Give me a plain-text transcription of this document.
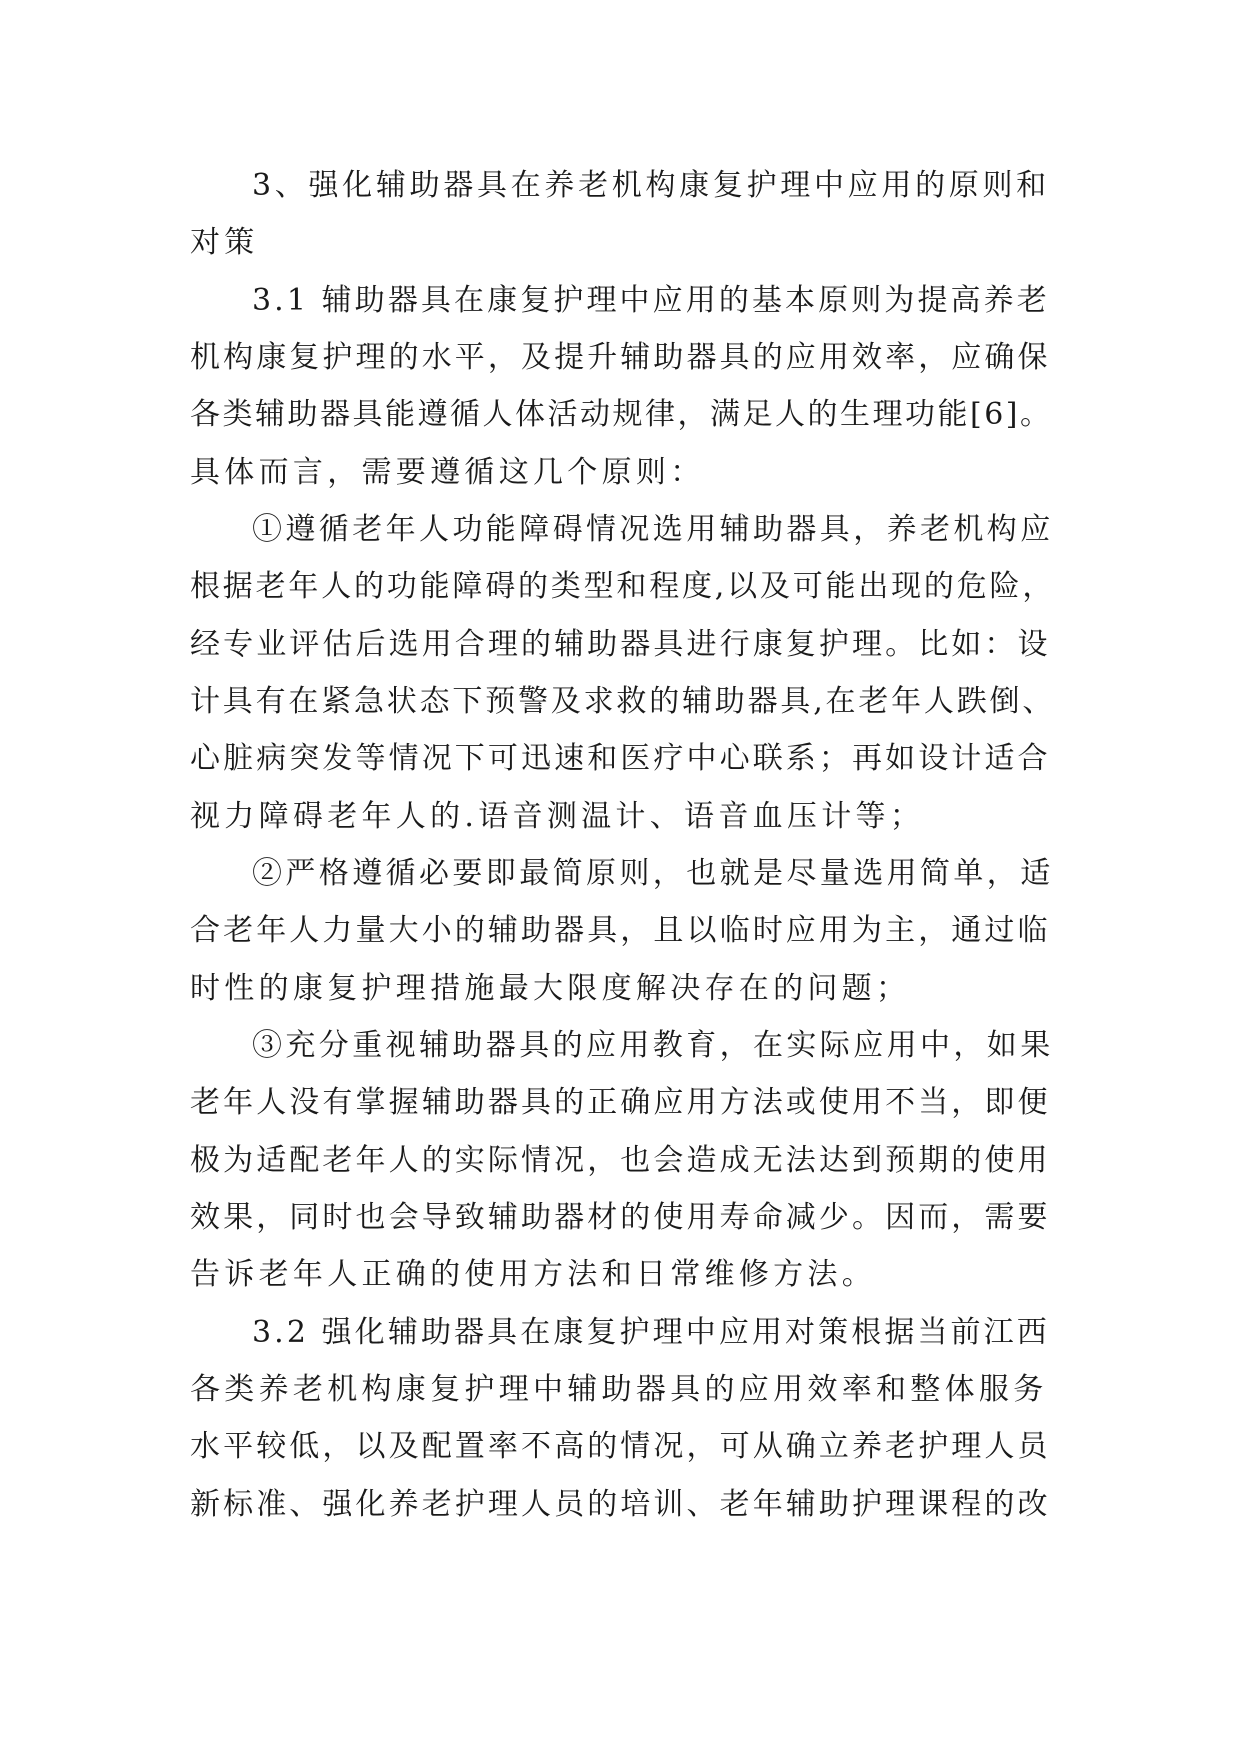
3、强化辅助器具在养老机构康复护理中应用的原则和
对策
3.1 辅助器具在康复护理中应用的基本原则为提高养老
机构康复护理的水平，及提升辅助器具的应用效率，应确保
各类辅助器具能遵循人体活动规律，满足人的生理功能[6]。
具体而言，需要遵循这几个原则：
①遵循老年人功能障碍情况选用辅助器具，养老机构应
根据老年人的功能障碍的类型和程度,以及可能出现的危险，
经专业评估后选用合理的辅助器具进行康复护理。比如：设
计具有在紧急状态下预警及求救的辅助器具,在老年人跌倒、
心脏病突发等情况下可迅速和医疗中心联系；再如设计适合
视力障碍老年人的.语音测温计、语音血压计等；
②严格遵循必要即最简原则，也就是尽量选用简单，适
合老年人力量大小的辅助器具，且以临时应用为主，通过临
时性的康复护理措施最大限度解决存在的问题；
③充分重视辅助器具的应用教育，在实际应用中，如果
老年人没有掌握辅助器具的正确应用方法或使用不当，即便
极为适配老年人的实际情况，也会造成无法达到预期的使用
效果，同时也会导致辅助器材的使用寿命减少。因而，需要
告诉老年人正确的使用方法和日常维修方法。
3.2 强化辅助器具在康复护理中应用对策根据当前江西
各类养老机构康复护理中辅助器具的应用效率和整体服务
水平较低，以及配置率不高的情况，可从确立养老护理人员
新标准、强化养老护理人员的培训、老年辅助护理课程的改
